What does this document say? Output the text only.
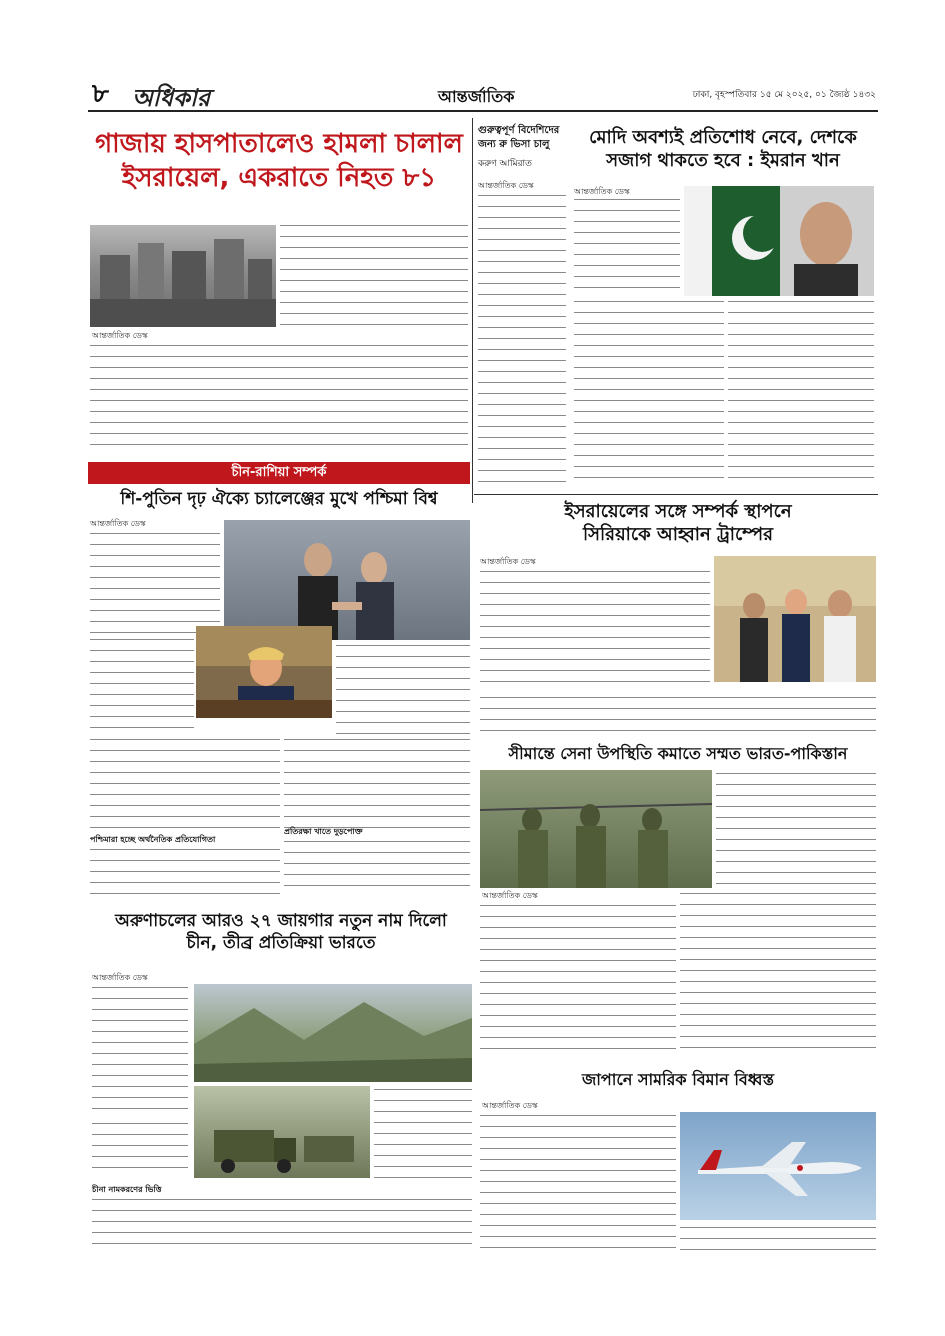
৮ অধিকার	আন্তর্জাতিক	ঢাকা, বৃহস্পতিবার ১৫ মে ২০২৫, ০১ জ্যৈষ্ঠ ১৪৩২
গাজায় হাসপাতালেও হামলা চালাল
ইসরায়েল, একরাতে নিহত ৮১
আন্তর্জাতিক ডেস্ক
গুরুত্বপূর্ণ বিদেশিদের জন্য রু ভিসা চালু
করুণ আমিরাত
আন্তর্জাতিক ডেস্ক
মোদি অবশ্যই প্রতিশোধ নেবে, দেশকে
সজাগ থাকতে হবে : ইমরান খান
আন্তর্জাতিক ডেস্ক
চীন-রাশিয়া সম্পর্ক
শি-পুতিন দৃঢ় ঐক্যে চ্যালেঞ্জের মুখে পশ্চিমা বিশ্ব
আন্তর্জাতিক ডেস্ক
প্রতিরক্ষা খাতে দুড়পোক্ত
পশ্চিমারা হচ্ছে অর্থনৈতিক প্রতিযোগিতা
ইসরায়েলের সঙ্গে সম্পর্ক স্থাপনে
সিরিয়াকে আহ্বান ট্রাম্পের
আন্তর্জাতিক ডেস্ক
সীমান্তে সেনা উপস্থিতি কমাতে সম্মত ভারত-পাকিস্তান
আন্তর্জাতিক ডেস্ক
অরুণাচলের আরও ২৭ জায়গার নতুন নাম দিলো
চীন, তীব্র প্রতিক্রিয়া ভারতে
আন্তর্জাতিক ডেস্ক
চীনা নামকরণের ভিত্তি
জাপানে সামরিক বিমান বিধ্বস্ত
আন্তর্জাতিক ডেস্ক
